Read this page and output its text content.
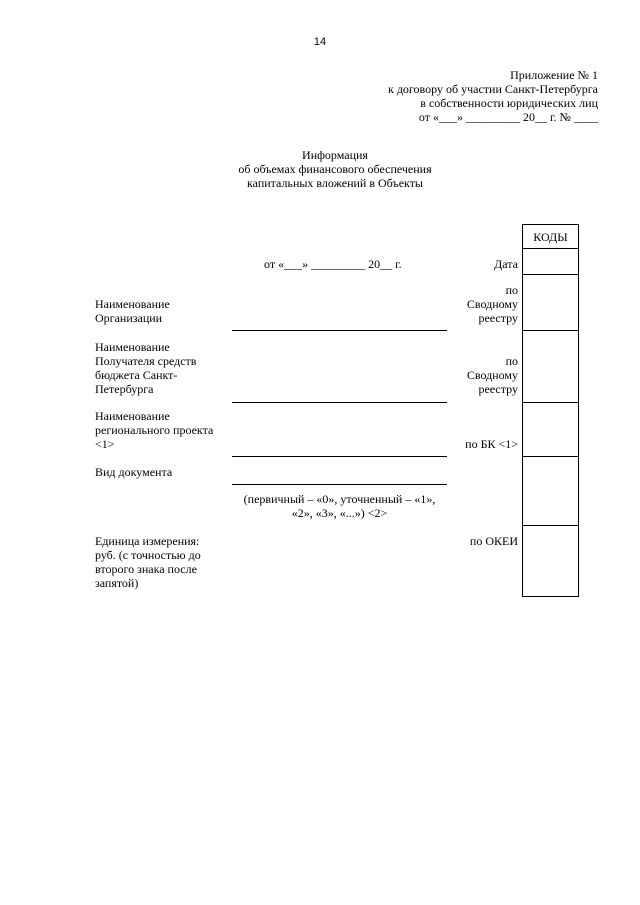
14
Приложение № 1
к договору об участии Санкт-Петербурга
в собственности юридических лиц
от «___» _________ 20__ г. № ____
Информация
об объемах финансового обеспечения
капитальных вложений в Объекты
от «___» _________ 20__ г.
КОДЫ
Дата
Наименование
Организации
по
Сводному
реестру
Наименование
Получателя средств
бюджета Санкт-
Петербурга
по
Сводному
реестру
Наименование
регионального проекта
<1>	по БК <1>
Вид документа
(первичный – «0», уточненный – «1»,
«2», «3», «...») <2>
Единица измерения:
руб. (с точностью до
второго знака после
запятой)
по ОКЕИ
